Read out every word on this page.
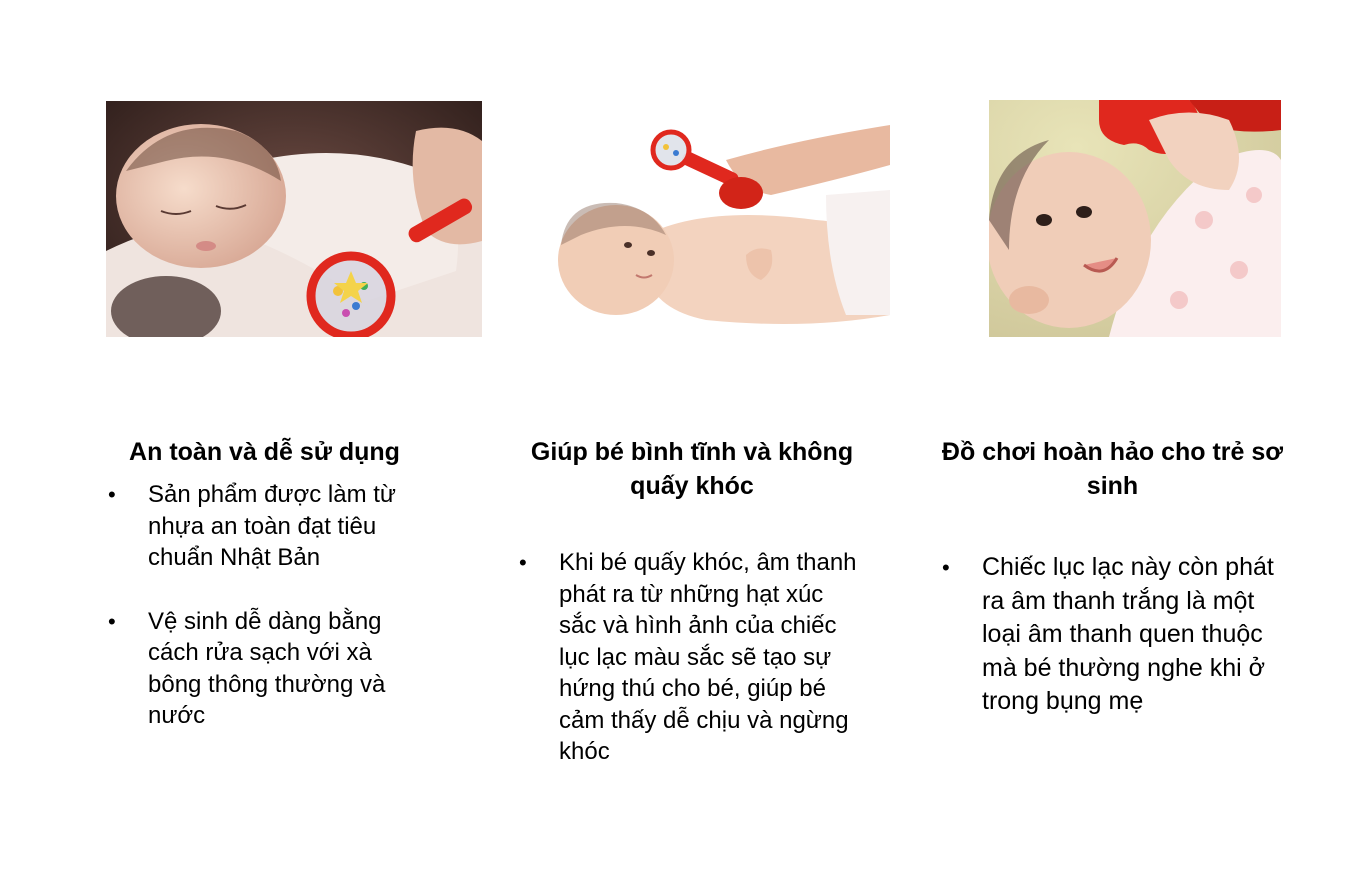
An toàn và dễ sử dụng
• Sản phẩm được làm từ nhựa an toàn đạt tiêu chuẩn Nhật Bản
• Vệ sinh dễ dàng bằng cách rửa sạch với xà bông thông thường và nước
Giúp bé bình tĩnh và không quấy khóc
• Khi bé quấy khóc, âm thanh phát ra từ những hạt xúc sắc và hình ảnh của chiếc lục lạc màu sắc sẽ tạo sự hứng thú cho bé, giúp bé cảm thấy dễ chịu và ngừng khóc
Đồ chơi hoàn hảo cho trẻ sơ sinh
• Chiếc lục lạc này còn phát ra âm thanh trắng là một loại âm thanh quen thuộc mà bé thường nghe khi ở trong bụng mẹ
